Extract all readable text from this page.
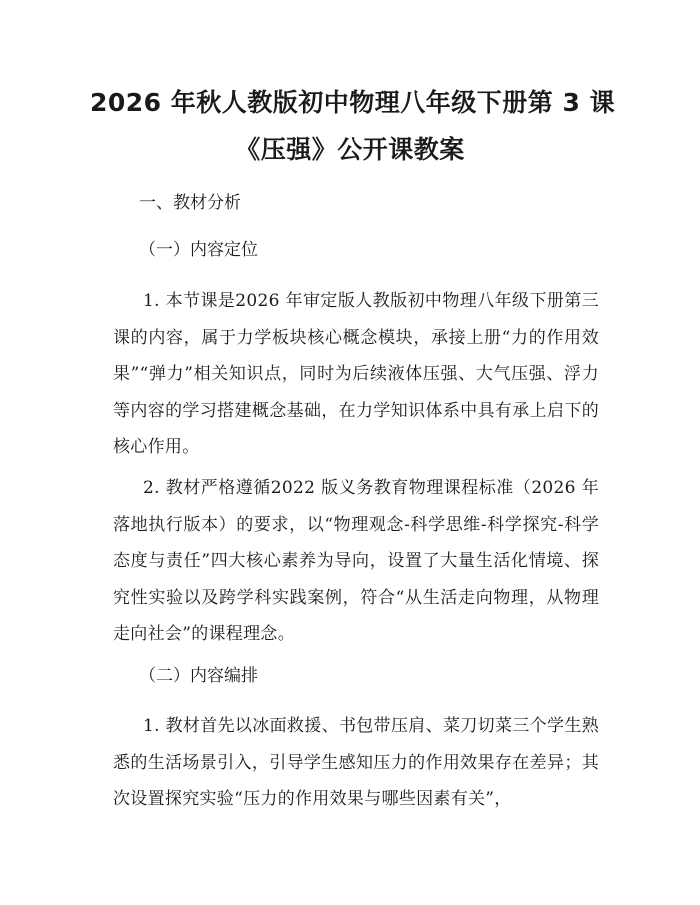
2026 年秋人教版初中物理八年级下册第 3 课
《压强》公开课教案
一、教材分析
（一）内容定位
1. 本节课是2026 年审定版人教版初中物理八年级下册第三课的内容，属于力学板块核心概念模块，承接上册“力的作用效果”“弹力”相关知识点，同时为后续液体压强、大气压强、浮力等内容的学习搭建概念基础，在力学知识体系中具有承上启下的核心作用。
2. 教材严格遵循2022 版义务教育物理课程标准（2026 年落地执行版本）的要求，以“物理观念-科学思维-科学探究-科学态度与责任”四大核心素养为导向，设置了大量生活化情境、探究性实验以及跨学科实践案例，符合“从生活走向物理，从物理走向社会”的课程理念。
（二）内容编排
1. 教材首先以冰面救援、书包带压肩、菜刀切菜三个学生熟悉的生活场景引入，引导学生感知压力的作用效果存在差异；其次设置探究实验“压力的作用效果与哪些因素有关”，
